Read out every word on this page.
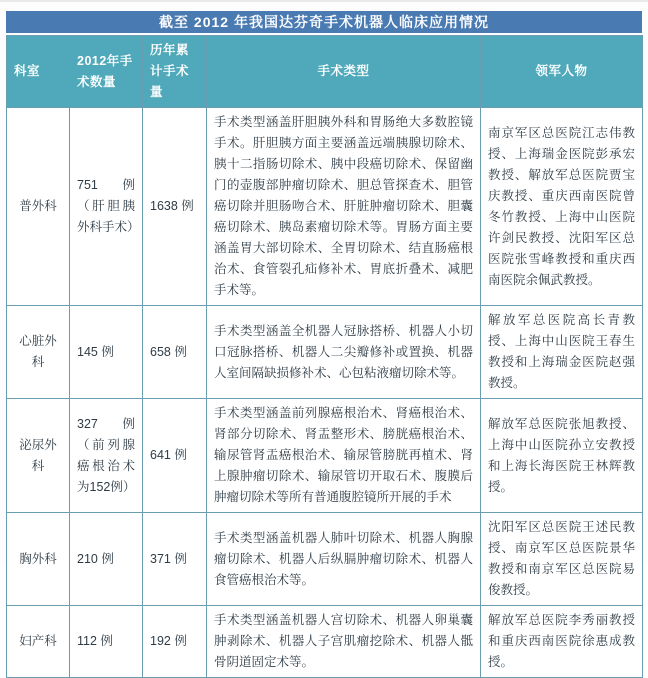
截至 2012 年我国达芬奇手术机器人临床应用情况
科室	2012年手术数量	历年累计手术量	手术类型	领军人物
普外科	751 例（肝胆胰外科手术）	1638 例	手术类型涵盖肝胆胰外科和胃肠绝大多数腔镜手术。肝胆胰方面主要涵盖远端胰腺切除术、胰十二指肠切除术、胰中段癌切除术、保留幽门的壶腹部肿瘤切除术、胆总管探查术、胆管癌切除并胆肠吻合术、肝脏肿瘤切除术、胆囊癌切除术、胰岛素瘤切除术等。胃肠方面主要涵盖胃大部切除术、全胃切除术、结直肠癌根治术、食管裂孔疝修补术、胃底折叠术、减肥手术等。	南京军区总医院江志伟教授、上海瑞金医院彭承宏教授、解放军总医院贾宝庆教授、重庆西南医院曾冬竹教授、上海中山医院许剑民教授、沈阳军区总医院张雪峰教授和重庆西南医院余佩武教授。
心脏外科	145 例	658 例	手术类型涵盖全机器人冠脉搭桥、机器人小切口冠脉搭桥、机器人二尖瓣修补或置换、机器人室间隔缺损修补术、心包粘液瘤切除术等。	解放军总医院高长青教授、上海中山医院王春生教授和上海瑞金医院赵强教授。
泌尿外科	327 例（前列腺癌根治术为152例）	641 例	手术类型涵盖前列腺癌根治术、肾癌根治术、肾部分切除术、肾盂整形术、膀胱癌根治术、输尿管肾盂癌根治术、输尿管膀胱再植术、肾上腺肿瘤切除术、输尿管切开取石术、腹膜后肿瘤切除术等所有普通腹腔镜所开展的手术	解放军总医院张旭教授、上海中山医院孙立安教授和上海长海医院王林辉教授。
胸外科	210 例	371 例	手术类型涵盖机器人肺叶切除术、机器人胸腺瘤切除术、机器人后纵膈肿瘤切除术、机器人食管癌根治术等。	沈阳军区总医院王述民教授、南京军区总医院景华教授和南京军区总医院易俊教授。
妇产科	112 例	192 例	手术类型涵盖机器人宫切除术、机器人卵巢囊肿剥除术、机器人子宫肌瘤挖除术、机器人骶骨阴道固定术等。	解放军总医院李秀丽教授和重庆西南医院徐惠成教授。
